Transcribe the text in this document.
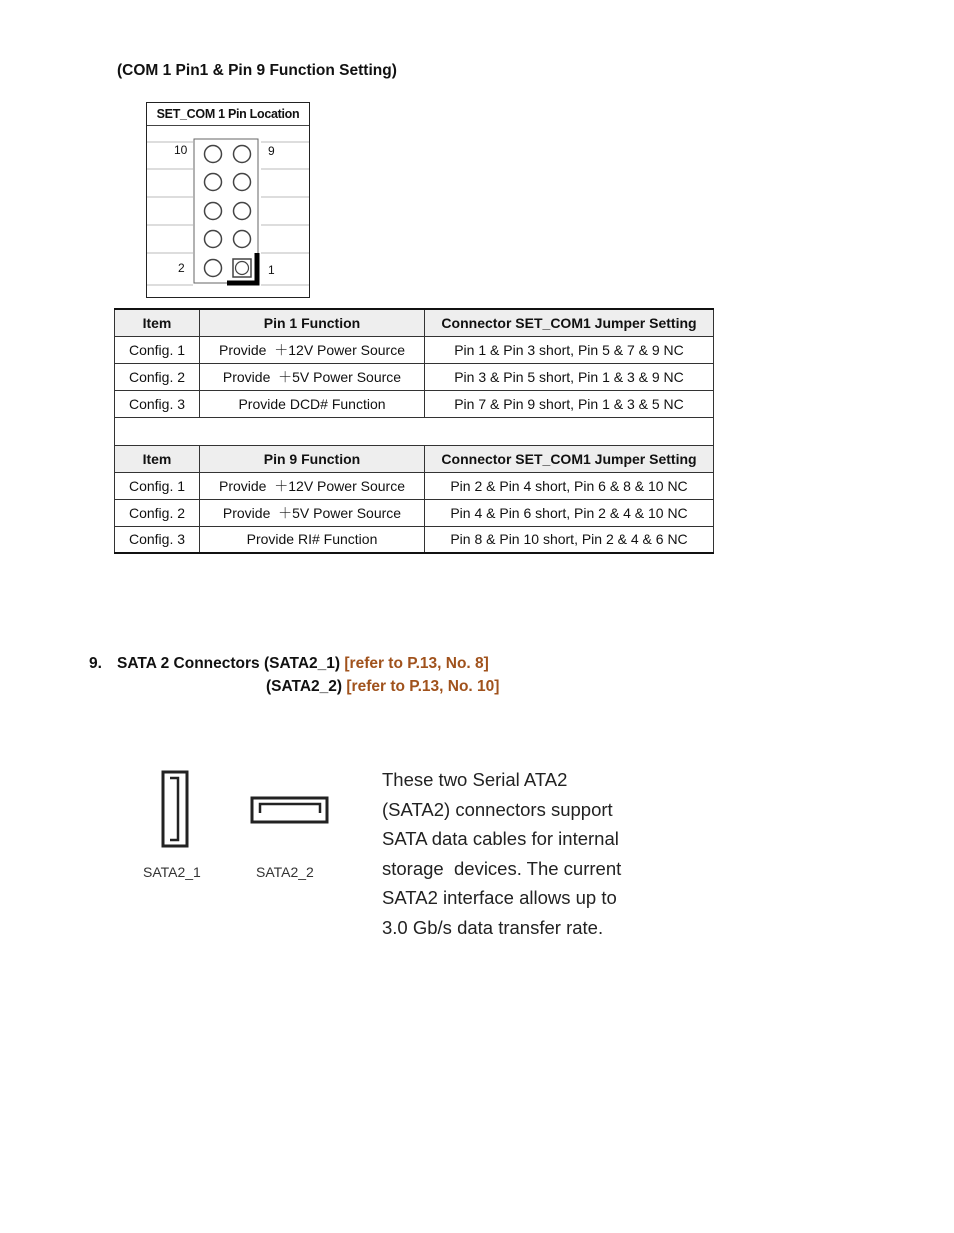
(COM 1 Pin1 & Pin 9 Function Setting)
SET_COM 1 Pin Location
10	9
2	1
Item	Pin 1 Function	Connector SET_COM1 Jumper Setting
Config. 1	Provide  ＋12V Power Source	Pin 1 & Pin 3 short, Pin 5 & 7 & 9 NC
Config. 2	Provide  ＋5V Power Source	Pin 3 & Pin 5 short, Pin 1 & 3 & 9 NC
Config. 3	Provide DCD# Function	Pin 7 & Pin 9 short, Pin 1 & 3 & 5 NC

Item	Pin 9 Function	Connector SET_COM1 Jumper Setting
Config. 1	Provide  ＋12V Power Source	Pin 2 & Pin 4 short, Pin 6 & 8 & 10 NC
Config. 2	Provide  ＋5V Power Source	Pin 4 & Pin 6 short, Pin 2 & 4 & 10 NC
Config. 3	Provide RI# Function	Pin 8 & Pin 10 short, Pin 2 & 4 & 6 NC
9. SATA 2 Connectors (SATA2_1) [refer to P.13, No. 8]
(SATA2_2) [refer to P.13, No. 10]
SATA2_1	SATA2_2
These two Serial ATA2
(SATA2) connectors support
SATA data cables for internal
storage  devices. The current
SATA2 interface allows up to
3.0 Gb/s data transfer rate.
